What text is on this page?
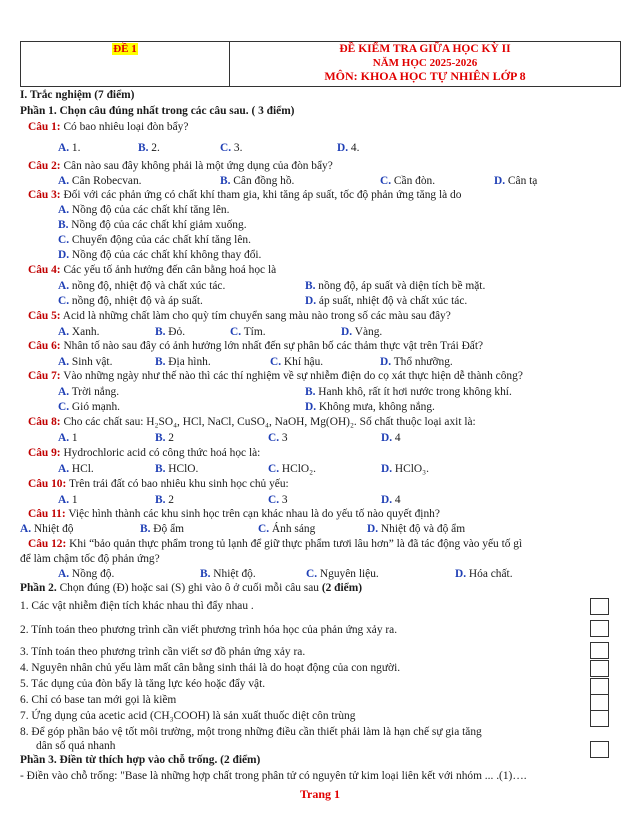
ĐỀ 1	ĐỀ KIỂM TRA GIỮA HỌC KỲ II
NĂM HỌC 2025-2026
MÔN: KHOA HỌC TỰ NHIÊN LỚP 8
I. Trắc nghiệm (7 điểm)
Phần 1. Chọn câu đúng nhất trong các câu sau. ( 3 điểm)
Câu 1: Có bao nhiêu loại đòn bẩy?
A. 1.	B. 2.	C. 3.	D. 4.
Câu 2: Cân nào sau đây không phải là một ứng dụng của đòn bẩy?
A. Cân Robecvan.	B. Cân đồng hồ.	C. Cần đòn.	D. Cân tạ
Câu 3: Đối với các phản ứng có chất khí tham gia, khi tăng áp suất, tốc độ phản ứng tăng là do
A. Nồng độ của các chất khí tăng lên.
B. Nồng độ của các chất khí giảm xuống.
C. Chuyển động của các chất khí tăng lên.
D. Nồng độ của các chất khí không thay đổi.
Câu 4: Các yếu tố ảnh hưởng đến cân bằng hoá học là
A. nồng độ, nhiệt độ và chất xúc tác.	B. nồng độ, áp suất và diện tích bề mặt.
C. nồng độ, nhiệt độ và áp suất.	D. áp suất, nhiệt độ và chất xúc tác.
Câu 5: Acid là những chất làm cho quỳ tím chuyển sang màu nào trong số các màu sau đây?
A. Xanh.	B. Đỏ.	C. Tím.	D. Vàng.
Câu 6: Nhân tố nào sau đây có ảnh hưởng lớn nhất đến sự phân bố các thảm thực vật trên Trái Đất?
A. Sinh vật.	B. Địa hình.	C. Khí hậu.	D. Thổ nhưỡng.
Câu 7: Vào những ngày như thế nào thì các thí nghiệm về sự nhiễm điện do cọ xát thực hiện dễ thành công?
A. Trời nắng.	B. Hanh khô, rất ít hơi nước trong không khí.
C. Gió mạnh.	D. Không mưa, không nắng.
Câu 8: Cho các chất sau: H₂SO₄, HCl, NaCl, CuSO₄, NaOH, Mg(OH)₂. Số chất thuộc loại axit là:
A. 1	B. 2	C. 3	D. 4
Câu 9: Hydrochloric acid có công thức hoá học là:
A. HCl.	B. HClO.	C. HClO₂.	D. HClO₃.
Câu 10: Trên trái đất có bao nhiêu khu sinh học chủ yếu:
A. 1	B. 2	C. 3	D. 4
Câu 11: Việc hình thành các khu sinh học trên cạn khác nhau là do yếu tố nào quyết định?
A. Nhiệt độ	B. Độ ẩm	C. Ánh sáng	D. Nhiệt độ và độ ẩm
Câu 12: Khi “bảo quản thực phẩm trong tủ lạnh để giữ thực phẩm tươi lâu hơn” là đã tác động vào yếu tố gì
để làm chậm tốc độ phản ứng?
A. Nồng độ.	B. Nhiệt độ.	C. Nguyên liệu.	D. Hóa chất.
Phần 2. Chọn đúng (Đ) hoặc sai (S) ghi vào ô ở cuối mỗi câu sau (2 điểm)
1. Các vật nhiễm điện tích khác nhau thì đẩy nhau .
2. Tính toán theo phương trình cần viết phương trình hóa học của phản ứng xảy ra.
3. Tính toán theo phương trình cần viết sơ đồ phản ứng xảy ra.
4. Nguyên nhân chủ yếu làm mất cân bằng sinh thái là do hoạt động của con người.
5. Tác dụng của đòn bẩy là tăng lực kéo hoặc đẩy vật.
6. Chỉ có base tan mới gọi là kiềm
7. Ứng dụng của acetic acid (CH₃COOH) là sản xuất thuốc diệt côn trùng
8. Để góp phần bảo vệ tốt môi trường, một trong những điều cần thiết phải làm là hạn chế sự gia tăng
dân số quá nhanh
Phần 3. Điền từ thích hợp vào chỗ trống. (2 điểm)
- Điền vào chỗ trống: "Base là những hợp chất trong phân tử có nguyên tử kim loại liên kết với nhóm ... .(1)….
Trang 1
